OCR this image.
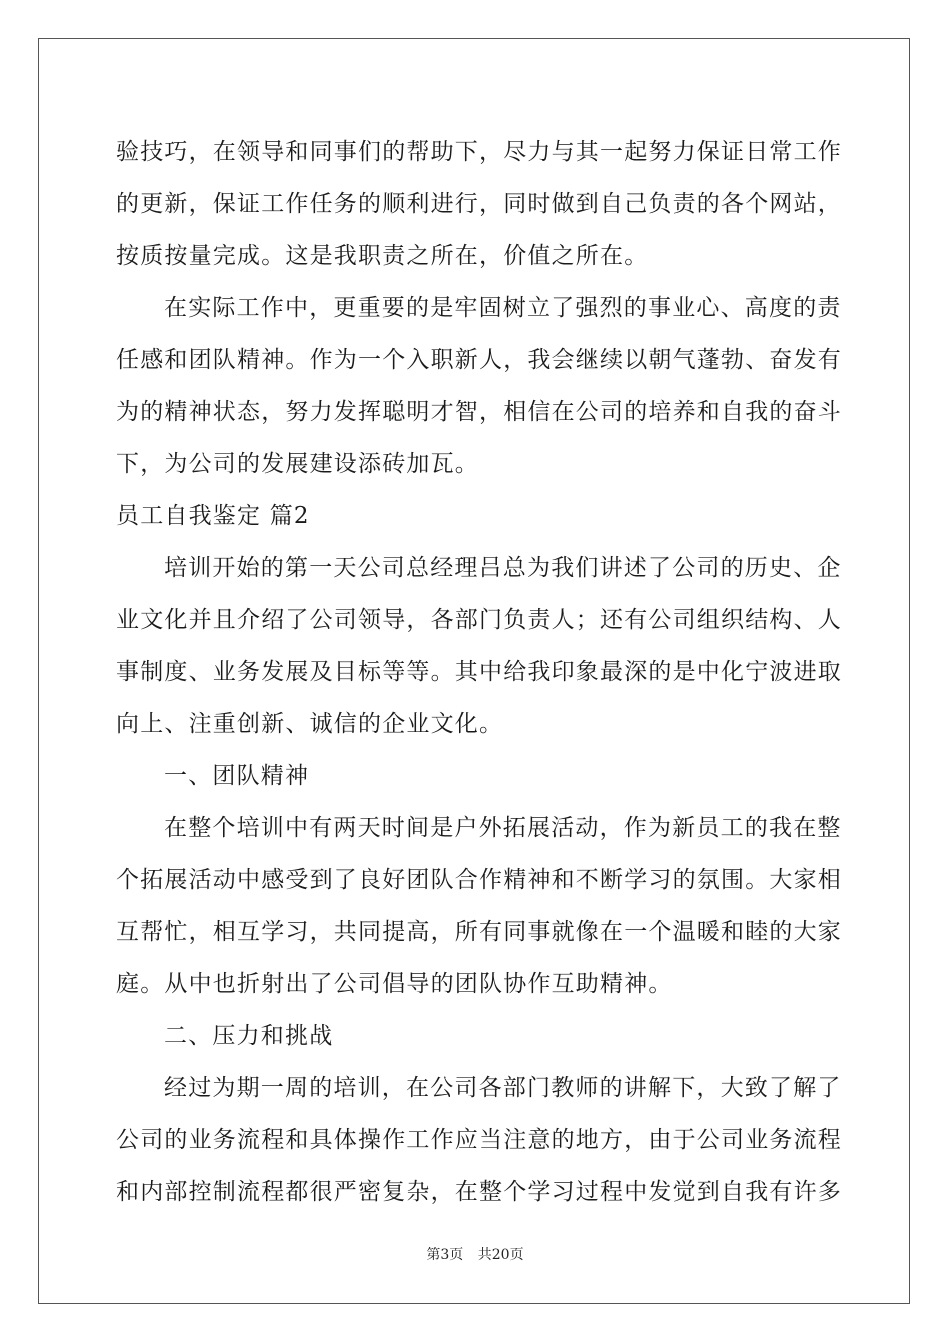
验技巧，在领导和同事们的帮助下，尽力与其一起努力保证日常工作
的更新，保证工作任务的顺利进行，同时做到自己负责的各个网站，
按质按量完成。这是我职责之所在，价值之所在。
在实际工作中，更重要的是牢固树立了强烈的事业心、高度的责
任感和团队精神。作为一个入职新人，我会继续以朝气蓬勃、奋发有
为的精神状态，努力发挥聪明才智，相信在公司的培养和自我的奋斗
下，为公司的发展建设添砖加瓦。
员工自我鉴定 篇2
培训开始的第一天公司总经理吕总为我们讲述了公司的历史、企
业文化并且介绍了公司领导，各部门负责人；还有公司组织结构、人
事制度、业务发展及目标等等。其中给我印象最深的是中化宁波进取
向上、注重创新、诚信的企业文化。
一、团队精神
在整个培训中有两天时间是户外拓展活动，作为新员工的我在整
个拓展活动中感受到了良好团队合作精神和不断学习的氛围。大家相
互帮忙，相互学习，共同提高，所有同事就像在一个温暖和睦的大家
庭。从中也折射出了公司倡导的团队协作互助精神。
二、压力和挑战
经过为期一周的培训，在公司各部门教师的讲解下，大致了解了
公司的业务流程和具体操作工作应当注意的地方，由于公司业务流程
和内部控制流程都很严密复杂，在整个学习过程中发觉到自我有许多
第3页 共20页
